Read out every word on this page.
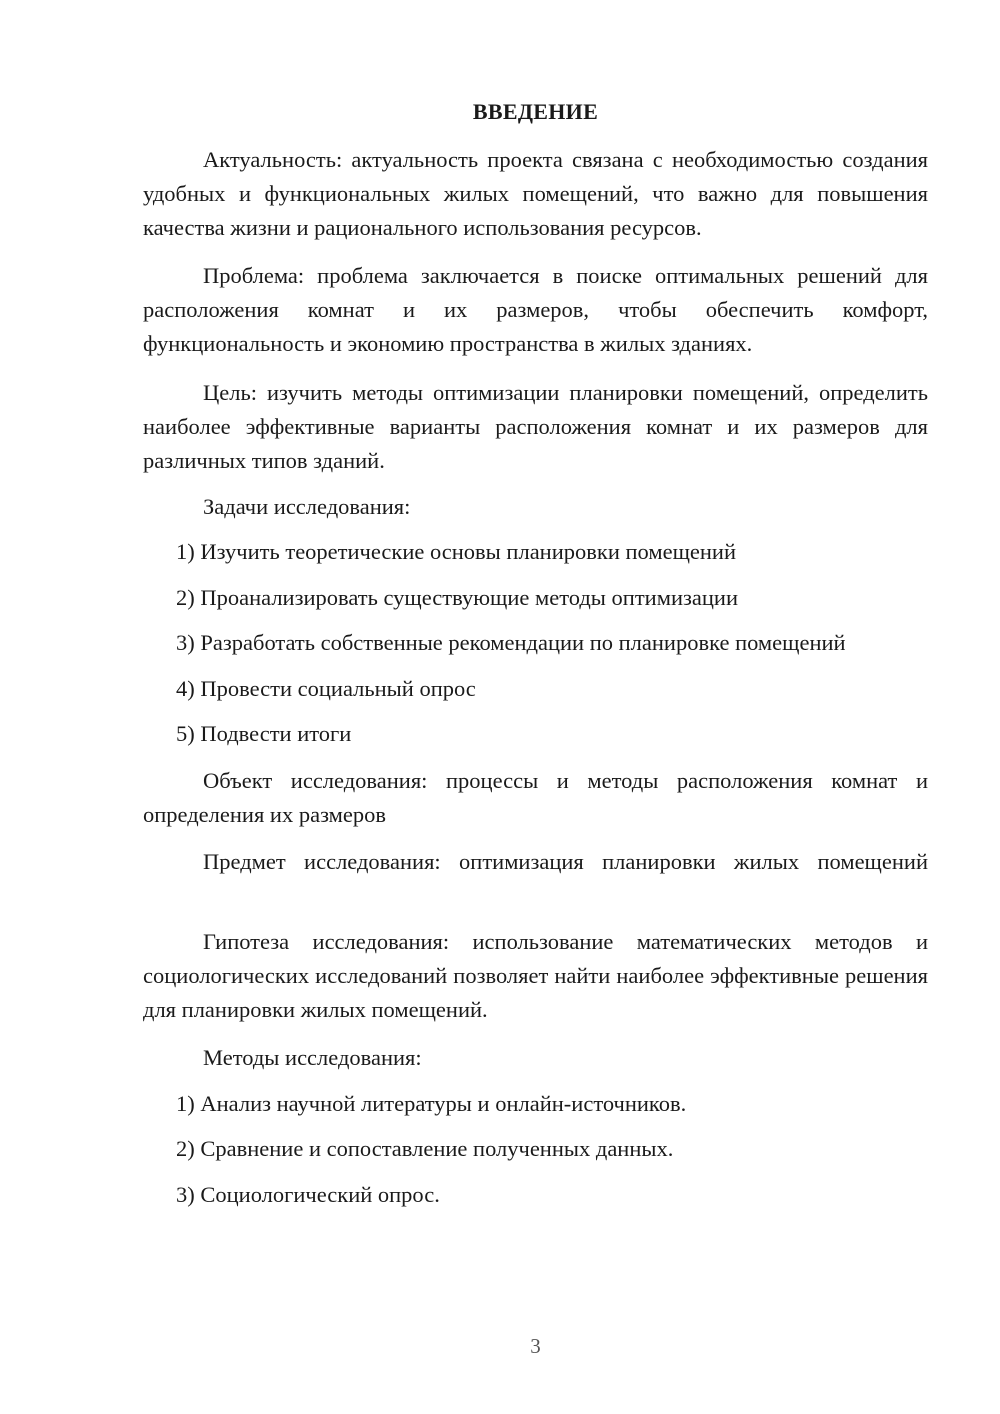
ВВЕДЕНИЕ

Актуальность: актуальность проекта связана с необходимостью создания удобных и функциональных жилых помещений, что важно для повышения качества жизни и рационального использования ресурсов.

Проблема: проблема заключается в поиске оптимальных решений для расположения комнат и их размеров, чтобы обеспечить комфорт, функциональность и экономию пространства в жилых зданиях.

Цель: изучить методы оптимизации планировки помещений, определить наиболее эффективные варианты расположения комнат и их размеров для различных типов зданий.

Задачи исследования:

1) Изучить теоретические основы планировки помещений

2) Проанализировать существующие методы оптимизации

3) Разработать собственные рекомендации по планировке помещений

4) Провести социальный опрос

5) Подвести итоги

Объект исследования: процессы и методы расположения комнат и определения их размеров

Предмет исследования: оптимизация планировки жилых помещений

Гипотеза исследования: использование математических методов и социологических исследований позволяет найти наиболее эффективные решения для планировки жилых помещений.

Методы исследования:

1) Анализ научной литературы и онлайн-источников.

2) Сравнение и сопоставление полученных данных.

3) Социологический опрос.

3
